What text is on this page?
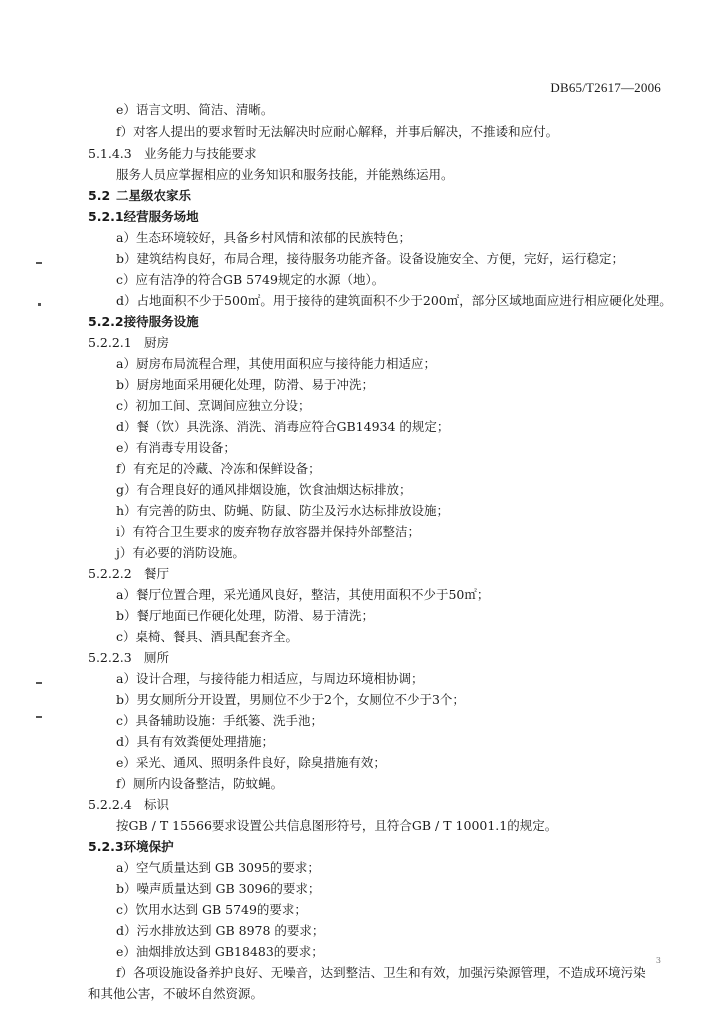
DB65/T2617—2006
e）语言文明、简洁、清晰。
f）对客人提出的要求暂时无法解决时应耐心解释，并事后解决，不推诿和应付。
5.1.4.3 业务能力与技能要求
服务人员应掌握相应的业务知识和服务技能，并能熟练运用。
5.2 二星级农家乐
5.2.1经营服务场地
a）生态环境较好，具备乡村风情和浓郁的民族特色；
b）建筑结构良好，布局合理，接待服务功能齐备。设备设施安全、方便，完好，运行稳定；
c）应有洁净的符合GB 5749规定的水源（地）。
d）占地面积不少于500㎡。用于接待的建筑面积不少于200㎡，部分区域地面应进行相应硬化处理。
5.2.2接待服务设施
5.2.2.1 厨房
a）厨房布局流程合理，其使用面积应与接待能力相适应；
b）厨房地面采用硬化处理，防滑、易于冲洗；
c）初加工间、烹调间应独立分设；
d）餐（饮）具洗涤、消洗、消毒应符合GB14934 的规定；
e）有消毒专用设备；
f）有充足的冷藏、冷冻和保鲜设备；
g）有合理良好的通风排烟设施，饮食油烟达标排放；
h）有完善的防虫、防蝇、防鼠、防尘及污水达标排放设施；
i）有符合卫生要求的废弃物存放容器并保持外部整洁；
j）有必要的消防设施。
5.2.2.2 餐厅
a）餐厅位置合理，采光通风良好，整洁，其使用面积不少于50㎡；
b）餐厅地面已作硬化处理，防滑、易于清洗；
c）桌椅、餐具、酒具配套齐全。
5.2.2.3 厕所
a）设计合理，与接待能力相适应，与周边环境相协调；
b）男女厕所分开设置，男厕位不少于2个，女厕位不少于3个；
c）具备辅助设施：手纸篓、洗手池；
d）具有有效粪便处理措施；
e）采光、通风、照明条件良好，除臭措施有效；
f）厕所内设备整洁，防蚊蝇。
5.2.2.4 标识
按GB / T 15566要求设置公共信息图形符号，且符合GB / T 10001.1的规定。
5.2.3环境保护
a）空气质量达到 GB 3095的要求；
b）噪声质量达到 GB 3096的要求；
c）饮用水达到 GB 5749的要求；
d）污水排放达到 GB 8978 的要求；
e）油烟排放达到 GB18483的要求；
f）各项设施设备养护良好、无噪音，达到整洁、卫生和有效，加强污染源管理，不造成环境污染
和其他公害，不破坏自然资源。
3
